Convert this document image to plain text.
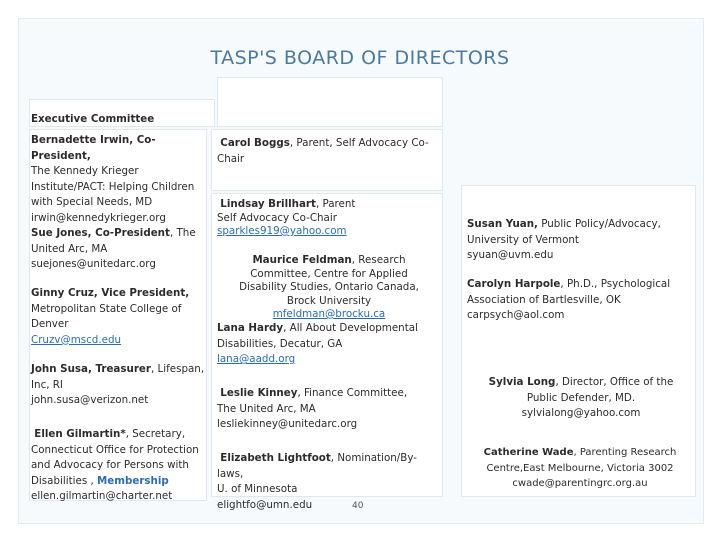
TASP'S BOARD OF DIRECTORS
Executive Committee
Bernadette Irwin, Co-President,
The Kennedy Krieger
Institute/PACT: Helping Children
with Special Needs, MD
irwin@kennedykrieger.org
Sue Jones, Co-President, The
United Arc, MA
suejones@unitedarc.org
Ginny Cruz, Vice President,
Metropolitan State College of
Denver
Cruzv@mscd.edu
John Susa, Treasurer, Lifespan,
Inc, RI
john.susa@verizon.net
Ellen Gilmartin*, Secretary,
Connecticut Office for Protection
and Advocacy for Persons with
Disabilities , Membership
ellen.gilmartin@charter.net
Carol Boggs, Parent, Self Advocacy Co-
Chair
Lindsay Brillhart, Parent
Self Advocacy Co-Chair
sparkles919@yahoo.com
Maurice Feldman, Research
Committee, Centre for Applied
Disability Studies, Ontario Canada,
Brock University
mfeldman@brocku.ca
Lana Hardy, All About Developmental
Disabilities, Decatur, GA
lana@aadd.org
Leslie Kinney, Finance Committee,
The United Arc, MA
lesliekinney@unitedarc.org
Elizabeth Lightfoot, Nomination/By-laws,
U. of Minnesota
elightfo@umn.edu	40
Susan Yuan, Public Policy/Advocacy,
University of Vermont
syuan@uvm.edu
Carolyn Harpole, Ph.D., Psychological
Association of Bartlesville, OK
carpsych@aol.com
Sylvia Long, Director, Office of the
Public Defender, MD.
sylvialong@yahoo.com
Catherine Wade, Parenting Research
Centre,East Melbourne, Victoria 3002
cwade@parentingrc.org.au
